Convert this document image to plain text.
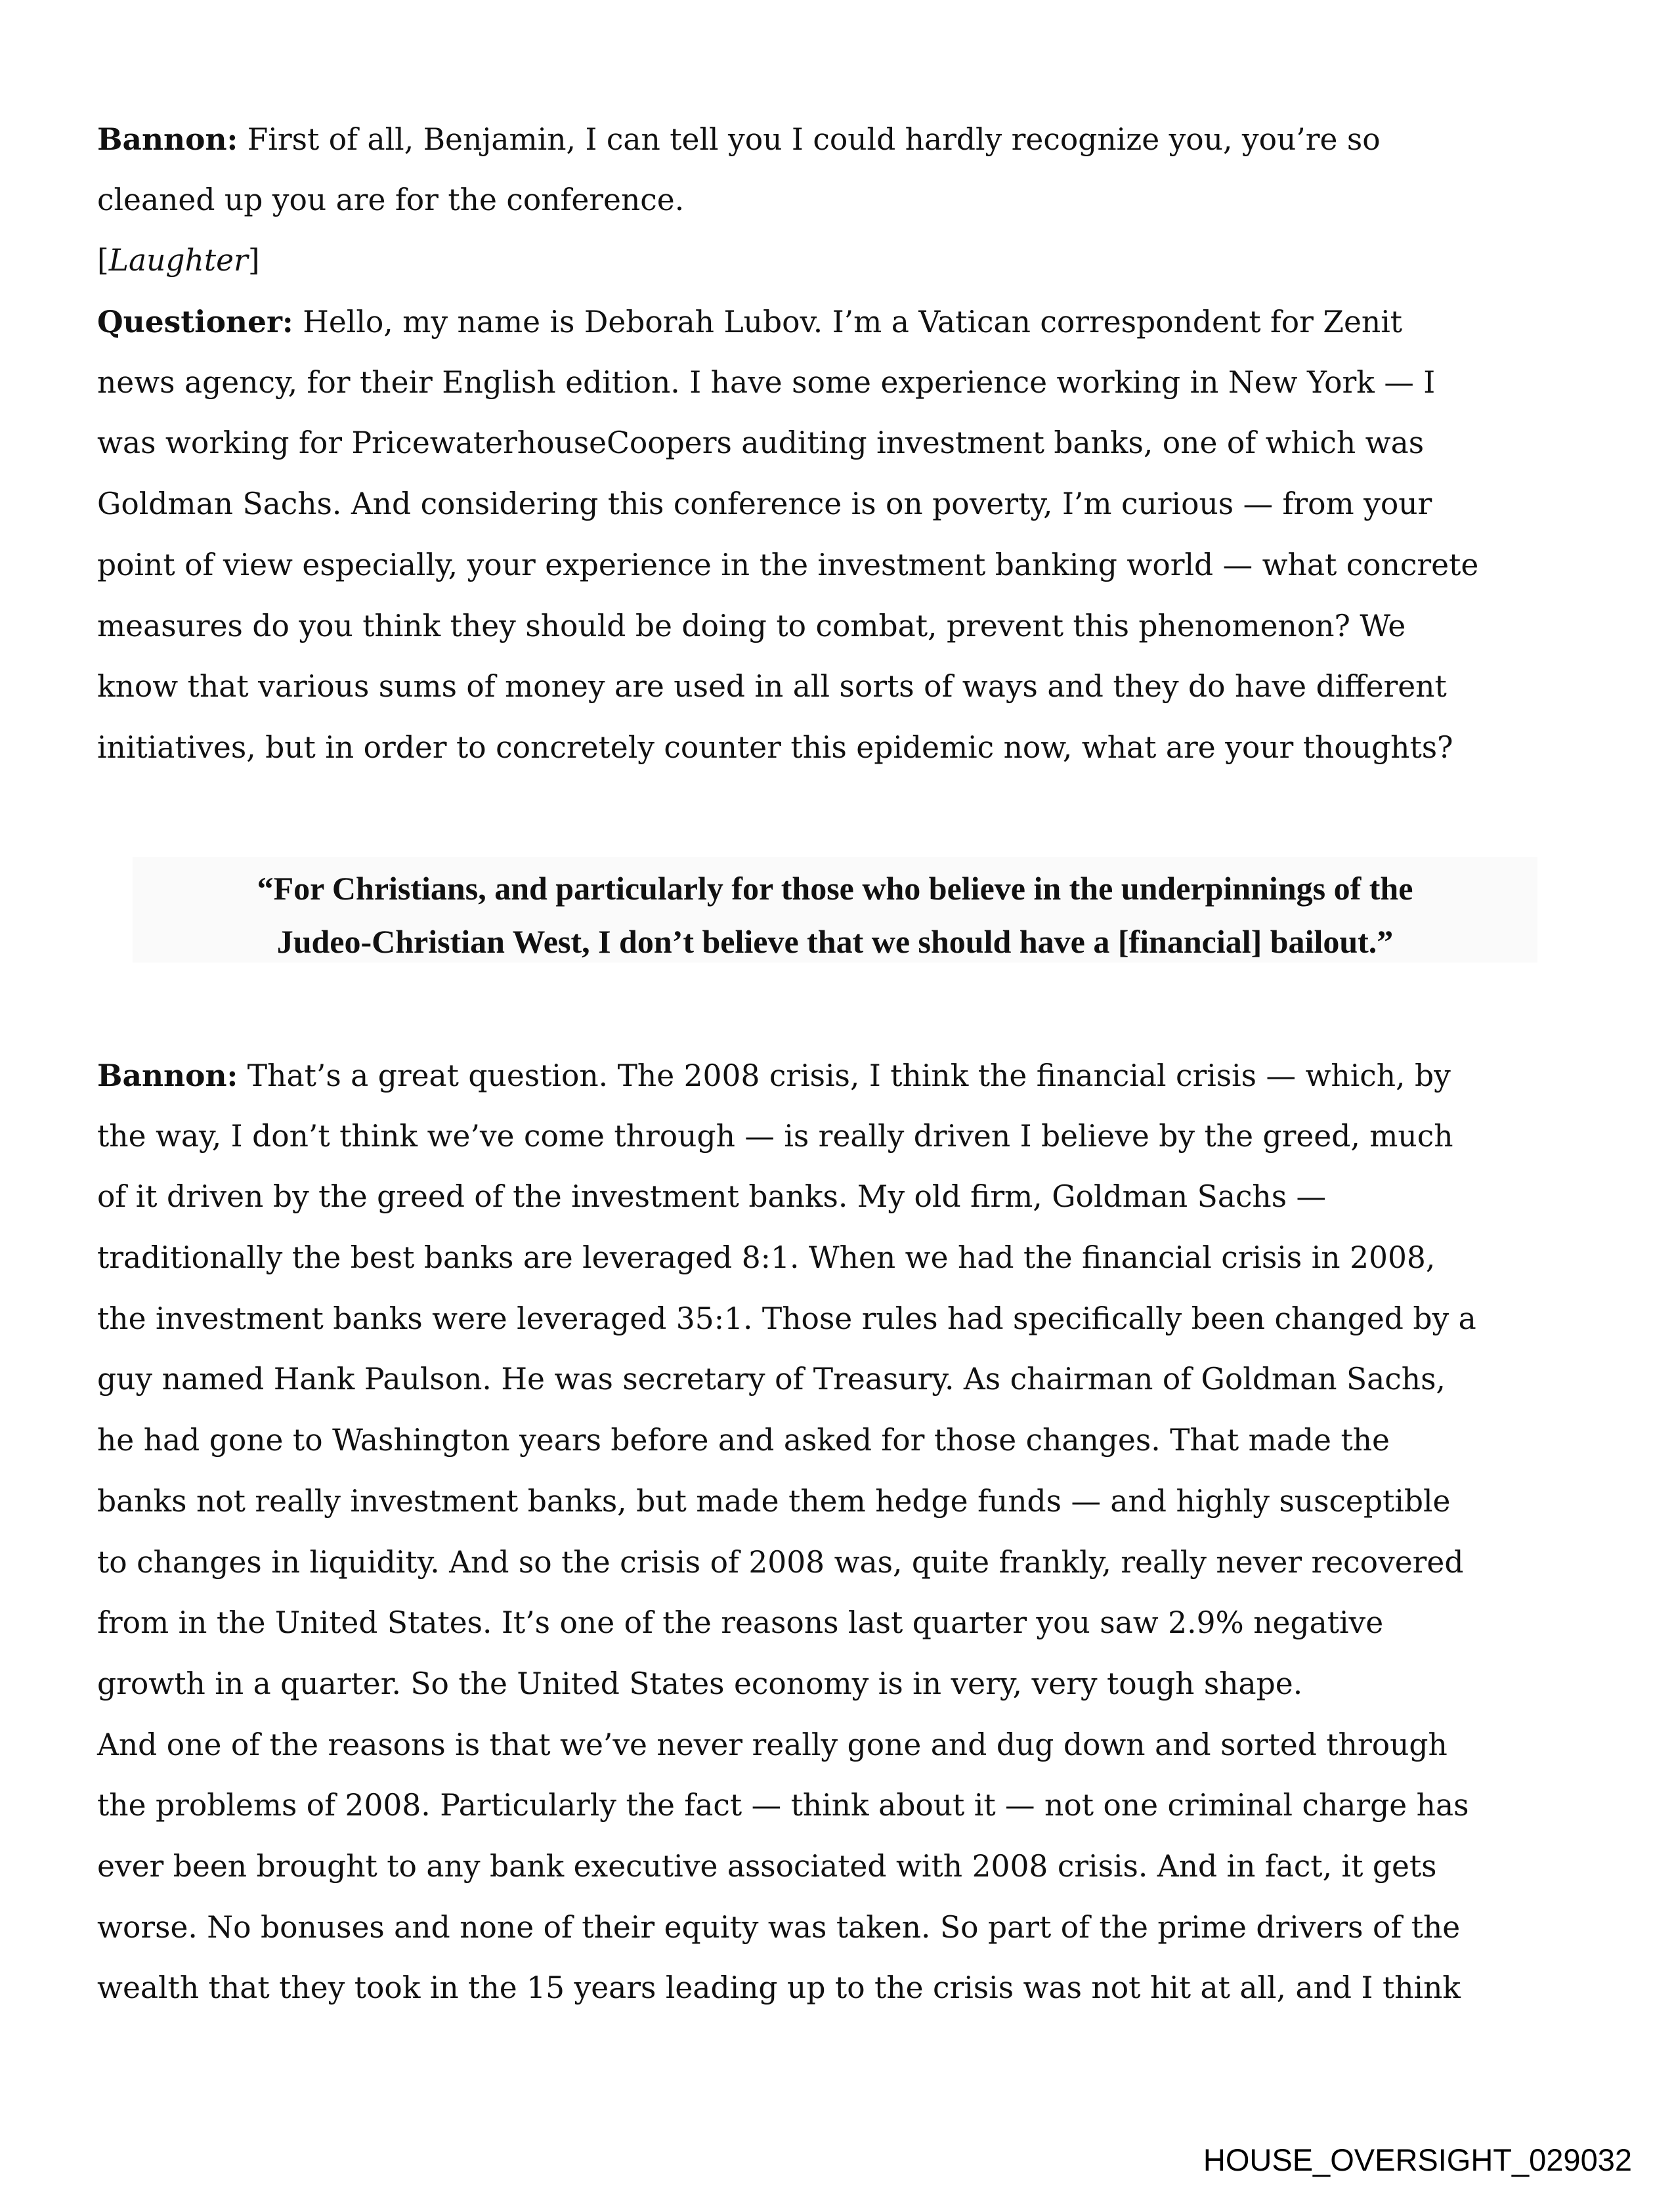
Bannon: First of all, Benjamin, I can tell you I could hardly recognize you, you’re so
cleaned up you are for the conference.
[Laughter]
Questioner: Hello, my name is Deborah Lubov. I’m a Vatican correspondent for Zenit
news agency, for their English edition. I have some experience working in New York — I
was working for PricewaterhouseCoopers auditing investment banks, one of which was
Goldman Sachs. And considering this conference is on poverty, I’m curious — from your
point of view especially, your experience in the investment banking world — what concrete
measures do you think they should be doing to combat, prevent this phenomenon? We
know that various sums of money are used in all sorts of ways and they do have different
initiatives, but in order to concretely counter this epidemic now, what are your thoughts?
“For Christians, and particularly for those who believe in the underpinnings of the
Judeo-Christian West, I don’t believe that we should have a [financial] bailout.”
Bannon: That’s a great question. The 2008 crisis, I think the financial crisis — which, by
the way, I don’t think we’ve come through — is really driven I believe by the greed, much
of it driven by the greed of the investment banks. My old firm, Goldman Sachs —
traditionally the best banks are leveraged 8:1. When we had the financial crisis in 2008,
the investment banks were leveraged 35:1. Those rules had specifically been changed by a
guy named Hank Paulson. He was secretary of Treasury. As chairman of Goldman Sachs,
he had gone to Washington years before and asked for those changes. That made the
banks not really investment banks, but made them hedge funds — and highly susceptible
to changes in liquidity. And so the crisis of 2008 was, quite frankly, really never recovered
from in the United States. It’s one of the reasons last quarter you saw 2.9% negative
growth in a quarter. So the United States economy is in very, very tough shape.
And one of the reasons is that we’ve never really gone and dug down and sorted through
the problems of 2008. Particularly the fact — think about it — not one criminal charge has
ever been brought to any bank executive associated with 2008 crisis. And in fact, it gets
worse. No bonuses and none of their equity was taken. So part of the prime drivers of the
wealth that they took in the 15 years leading up to the crisis was not hit at all, and I think
HOUSE_OVERSIGHT_029032
